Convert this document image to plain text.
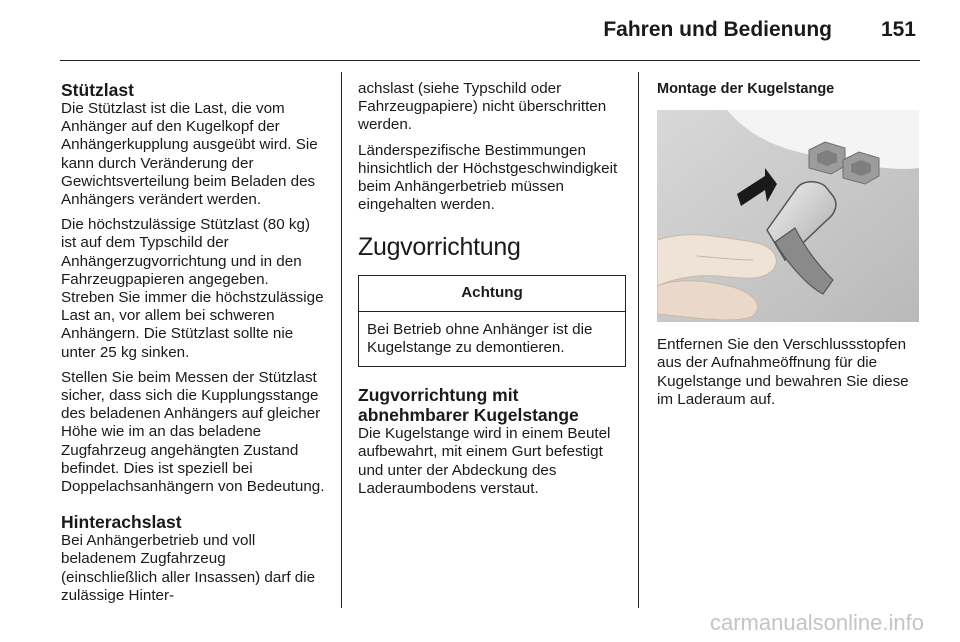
Fahren und Bedienung 151
Stützlast

Die Stützlast ist die Last, die vom Anhänger auf den Kugelkopf der Anhängerkupplung ausgeübt wird. Sie kann durch Veränderung der Gewichtsverteilung beim Beladen des Anhängers verändert werden.

Die höchstzulässige Stützlast (80 kg) ist auf dem Typschild der Anhängerzugvorrichtung und in den Fahrzeugpapieren angegeben. Streben Sie immer die höchstzulässige Last an, vor allem bei schweren Anhängern. Die Stützlast sollte nie unter 25 kg sinken.

Stellen Sie beim Messen der Stützlast sicher, dass sich die Kupplungsstange des beladenen Anhängers auf gleicher Höhe wie im an das beladene Zugfahrzeug angehängten Zustand befindet. Dies ist speziell bei Doppelachsanhängern von Bedeutung.

Hinterachslast

Bei Anhängerbetrieb und voll beladenem Zugfahrzeug (einschließlich aller Insassen) darf die zulässige Hinter-

achslast (siehe Typschild oder Fahrzeugpapiere) nicht überschritten werden.

Länderspezifische Bestimmungen hinsichtlich der Höchstgeschwindigkeit beim Anhängerbetrieb müssen eingehalten werden.

Zugvorrichtung
Achtung
Bei Betrieb ohne Anhänger ist die Kugelstange zu demontieren.
Zugvorrichtung mit abnehmbarer Kugelstange

Die Kugelstange wird in einem Beutel aufbewahrt, mit einem Gurt befestigt und unter der Abdeckung des Laderaumbodens verstaut.

Montage der Kugelstange

Entfernen Sie den Verschlussstopfen aus der Aufnahmeöffnung für die Kugelstange und bewahren Sie diese im Laderaum auf.

carmanualsonline.info
